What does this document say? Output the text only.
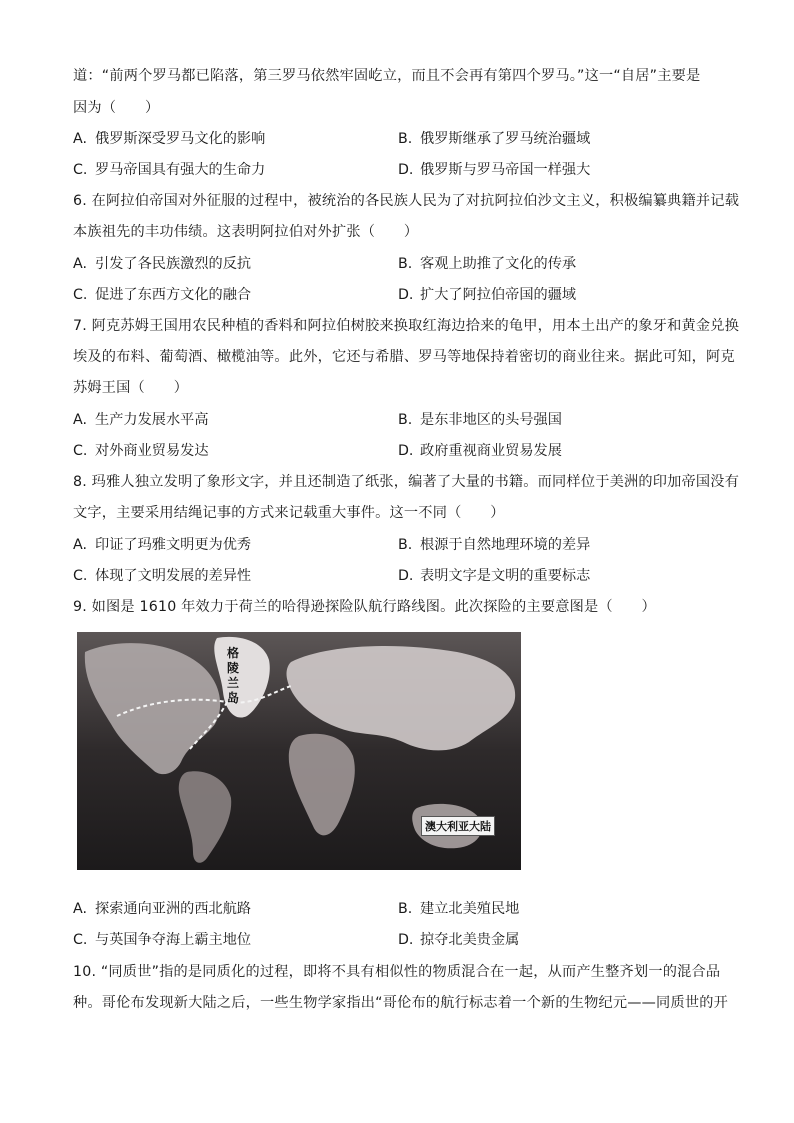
道：“前两个罗马都已陷落，第三罗马依然牢固屹立，而且不会再有第四个罗马。”这一“自居”主要是
因为（　　）
A. 俄罗斯深受罗马文化的影响	B. 俄罗斯继承了罗马统治疆域
C. 罗马帝国具有强大的生命力	D. 俄罗斯与罗马帝国一样强大
6. 在阿拉伯帝国对外征服的过程中，被统治的各民族人民为了对抗阿拉伯沙文主义，积极编纂典籍并记载
本族祖先的丰功伟绩。这表明阿拉伯对外扩张（　　）
A. 引发了各民族激烈的反抗	B. 客观上助推了文化的传承
C. 促进了东西方文化的融合	D. 扩大了阿拉伯帝国的疆域
7. 阿克苏姆王国用农民种植的香料和阿拉伯树胶来换取红海边拾来的龟甲，用本土出产的象牙和黄金兑换
埃及的布料、葡萄酒、橄榄油等。此外，它还与希腊、罗马等地保持着密切的商业往来。据此可知，阿克
苏姆王国（　　）
A. 生产力发展水平高	B. 是东非地区的头号强国
C. 对外商业贸易发达	D. 政府重视商业贸易发展
8. 玛雅人独立发明了象形文字，并且还制造了纸张，编著了大量的书籍。而同样位于美洲的印加帝国没有
文字，主要采用结绳记事的方式来记载重大事件。这一不同（　　）
A. 印证了玛雅文明更为优秀	B. 根源于自然地理环境的差异
C. 体现了文明发展的差异性	D. 表明文字是文明的重要标志
9. 如图是 1610 年效力于荷兰的哈得逊探险队航行路线图。此次探险的主要意图是（　　）
格陵兰岛
澳大利亚大陆
A. 探索通向亚洲的西北航路	B. 建立北美殖民地
C. 与英国争夺海上霸主地位	D. 掠夺北美贵金属
10. “同质世”指的是同质化的过程，即将不具有相似性的物质混合在一起，从而产生整齐划一的混合品
种。哥伦布发现新大陆之后，一些生物学家指出“哥伦布的航行标志着一个新的生物纪元——同质世的开
